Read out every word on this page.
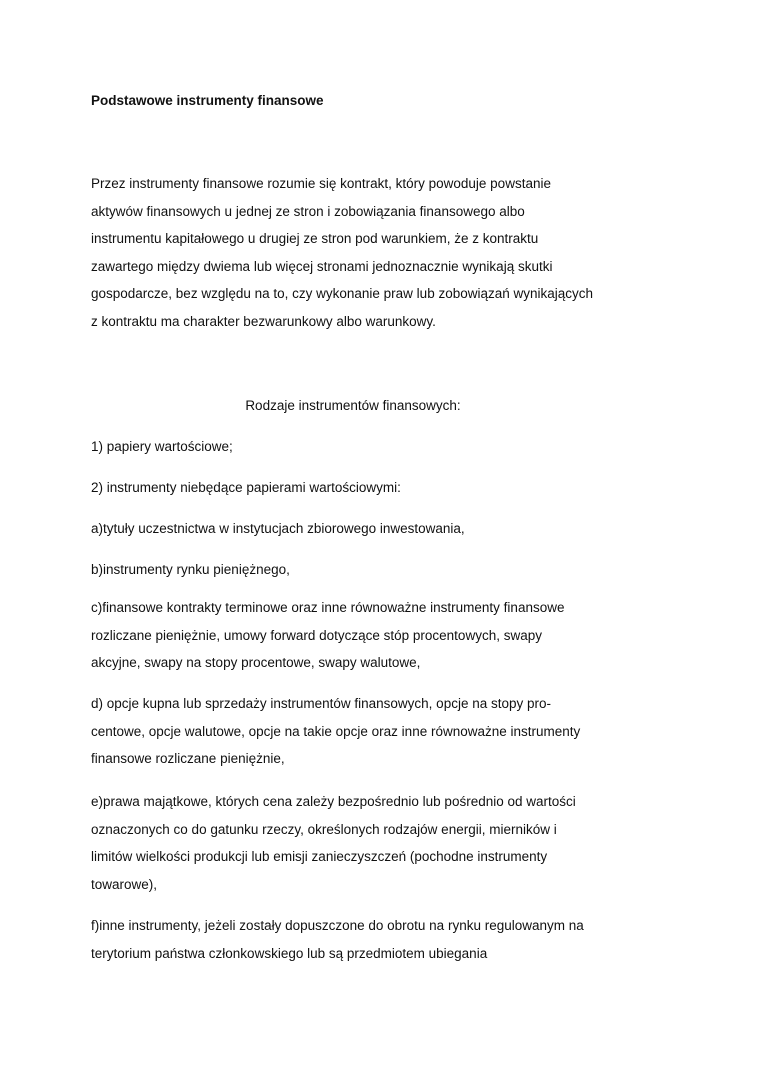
Podstawowe instrumenty finansowe

Przez instrumenty finansowe rozumie się kontrakt, który powoduje powstanie
aktywów finansowych u jednej ze stron i zobowiązania finansowego albo
instrumentu kapitałowego u drugiej ze stron pod warunkiem, że z kontraktu
zawartego między dwiema lub więcej stronami jednoznacznie wynikają skutki
gospodarcze, bez względu na to, czy wykonanie praw lub zobowiązań wynikających
z kontraktu ma charakter bezwarunkowy albo warunkowy.

Rodzaje instrumentów finansowych:

1) papiery wartościowe;

2) instrumenty niebędące papierami wartościowymi:

a)tytuły uczestnictwa w instytucjach zbiorowego inwestowania,

b)instrumenty rynku pieniężnego,

c)finansowe kontrakty terminowe oraz inne równoważne instrumenty finansowe
rozliczane pieniężnie, umowy forward dotyczące stóp procentowych, swapy
akcyjne, swapy na stopy procentowe, swapy walutowe,

d) opcje kupna lub sprzedaży instrumentów finansowych, opcje na stopy pro-
centowe, opcje walutowe, opcje na takie opcje oraz inne równoważne instrumenty
finansowe rozliczane pieniężnie,

e)prawa majątkowe, których cena zależy bezpośrednio lub pośrednio od wartości
oznaczonych co do gatunku rzeczy, określonych rodzajów energii, mierników i
limitów wielkości produkcji lub emisji zanieczyszczeń (pochodne instrumenty
towarowe),

f)inne instrumenty, jeżeli zostały dopuszczone do obrotu na rynku regulowanym na
terytorium państwa członkowskiego lub są przedmiotem ubiegania
